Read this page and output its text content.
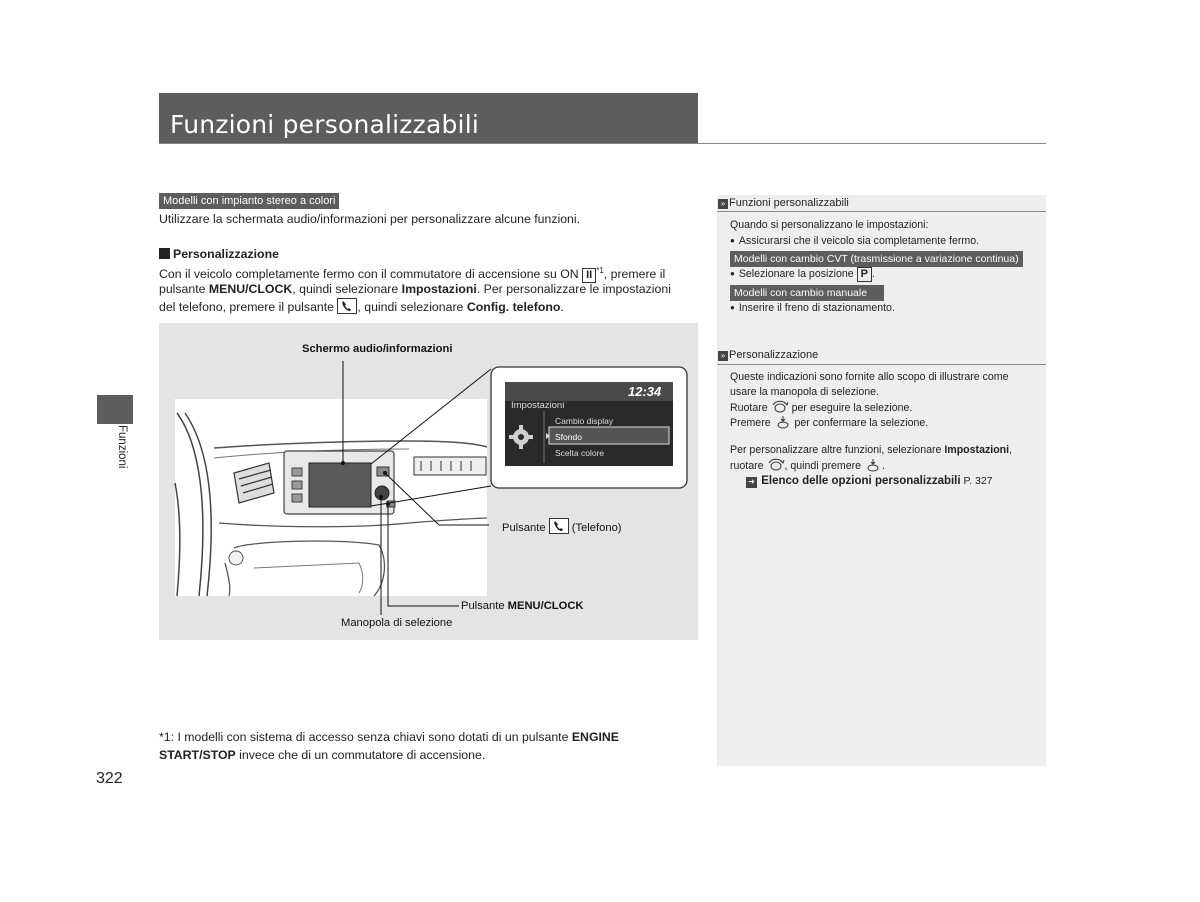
Funzioni personalizzabili
Funzioni
Modelli con impianto stereo a colori
Utilizzare la schermata audio/informazioni per personalizzare alcune funzioni.
Personalizzazione
Con il veicolo completamente fermo con il commutatore di accensione su ON II $^{*1}$, premere il
pulsante MENU/CLOCK, quindi selezionare Impostazioni. Per personalizzare le impostazioni
del telefono, premere il pulsante , quindi selezionare Config. telefono.
12:34
Impostazioni
Cambio display
Sfondo
Scelta colore
Schermo audio/informazioni
Pulsante (Telefono)
Pulsante MENU/CLOCK
Manopola di selezione
*1: I modelli con sistema di accesso senza chiavi sono dotati di un pulsante ENGINE
START/STOP invece che di un commutatore di accensione.
322
» Funzioni personalizzabili
Quando si personalizzano le impostazioni:
● Assicurarsi che il veicolo sia completamente fermo.
Modelli con cambio CVT (trasmissione a variazione continua)
● Selezionare la posizione P .
Modelli con cambio manuale
● Inserire il freno di stazionamento.
» Personalizzazione
Queste indicazioni sono fornite allo scopo di illustrare come
usare la manopola di selezione.
Ruotare  per eseguire la selezione.
Premere  per confermare la selezione.
Per personalizzare altre funzioni, selezionare Impostazioni,
ruotare , quindi premere .
➜ Elenco delle opzioni personalizzabili P. 327
